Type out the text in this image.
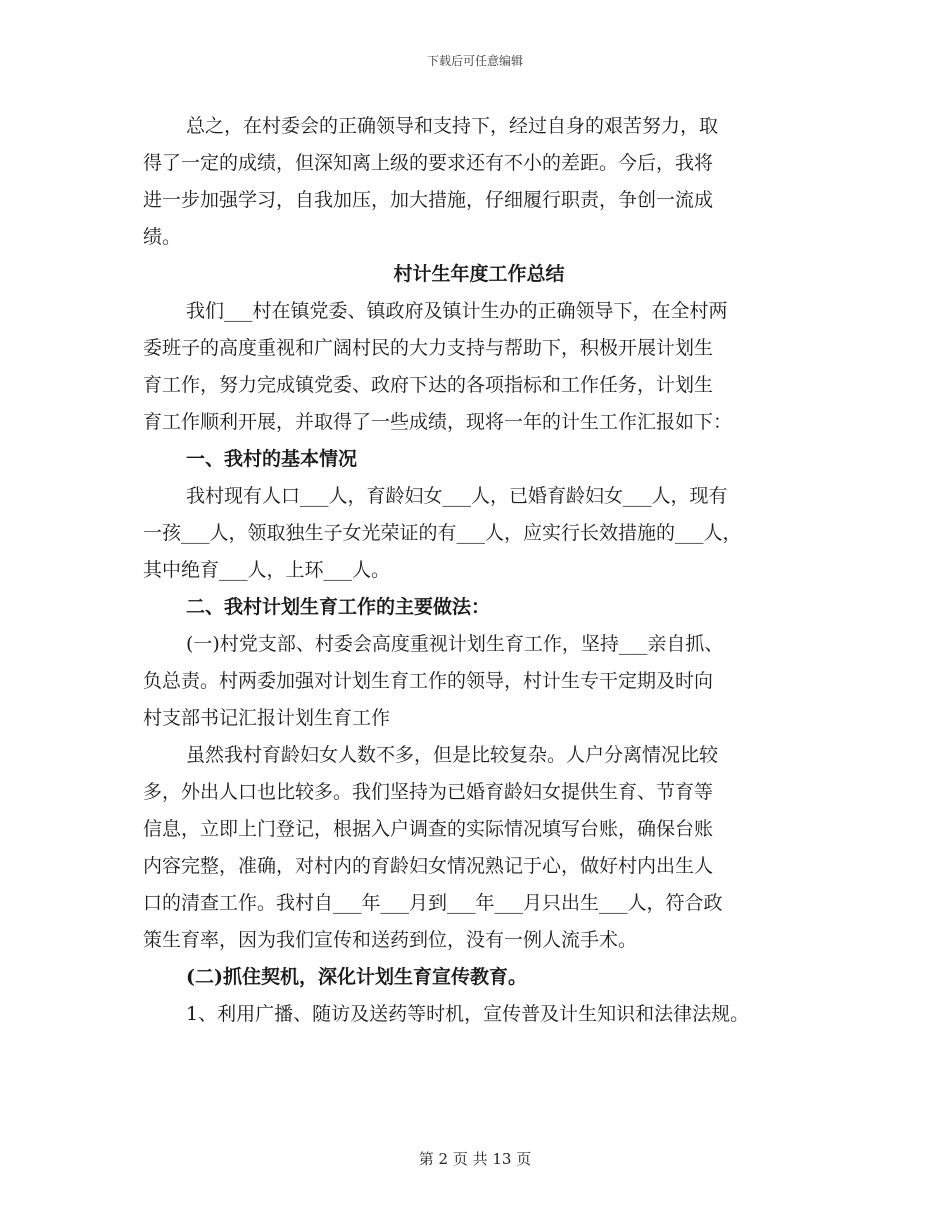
下载后可任意编辑
总之，在村委会的正确领导和支持下，经过自身的艰苦努力，取
得了一定的成绩，但深知离上级的要求还有不小的差距。今后，我将
进一步加强学习，自我加压，加大措施，仔细履行职责，争创一流成
绩。
村计生年度工作总结
我们___村在镇党委、镇政府及镇计生办的正确领导下，在全村两
委班子的高度重视和广阔村民的大力支持与帮助下，积极开展计划生
育工作，努力完成镇党委、政府下达的各项指标和工作任务，计划生
育工作顺利开展，并取得了一些成绩，现将一年的计生工作汇报如下：
一、我村的基本情况
我村现有人口___人，育龄妇女___人，已婚育龄妇女___人，现有
一孩___人，领取独生子女光荣证的有___人，应实行长效措施的___人，
其中绝育___人，上环___人。
二、我村计划生育工作的主要做法：
(一)村党支部、村委会高度重视计划生育工作，坚持___亲自抓、
负总责。村两委加强对计划生育工作的领导，村计生专干定期及时向
村支部书记汇报计划生育工作
虽然我村育龄妇女人数不多，但是比较复杂。人户分离情况比较
多，外出人口也比较多。我们坚持为已婚育龄妇女提供生育、节育等
信息，立即上门登记，根据入户调查的实际情况填写台账，确保台账
内容完整，准确，对村内的育龄妇女情况熟记于心，做好村内出生人
口的清查工作。我村自___年___月到___年___月只出生___人，符合政
策生育率，因为我们宣传和送药到位，没有一例人流手术。
(二)抓住契机，深化计划生育宣传教育。
1、利用广播、随访及送药等时机，宣传普及计生知识和法律法规。
第 2 页 共 13 页
